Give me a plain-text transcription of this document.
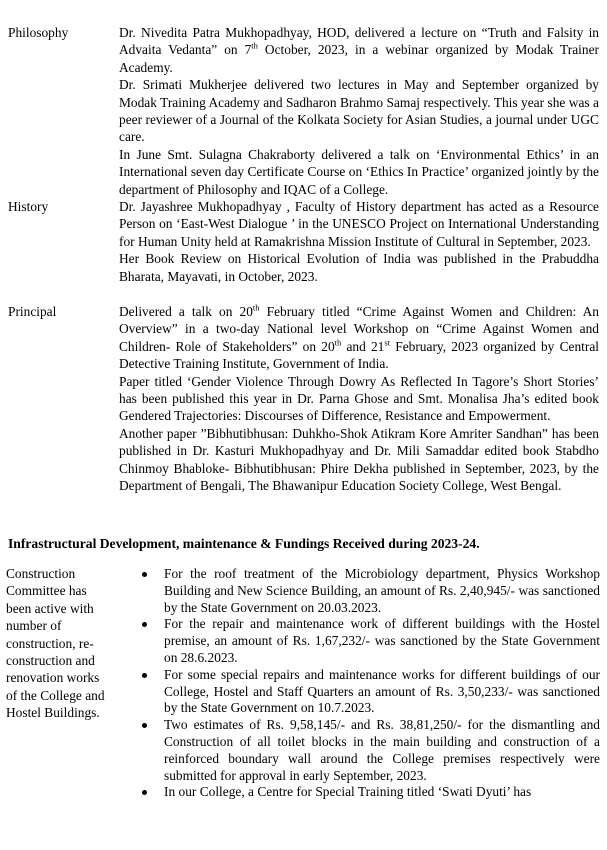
Philosophy	Dr. Nivedita Patra Mukhopadhyay, HOD, delivered a lecture on “Truth and Falsity in Advaita Vedanta” on 7th October, 2023, in a webinar organized by Modak Trainer Academy.

Dr. Srimati Mukherjee delivered two lectures in May and September organized by Modak Training Academy and Sadharon Brahmo Samaj respectively. This year she was a peer reviewer of a Journal of the Kolkata Society for Asian Studies, a journal under UGC care.

In June Smt. Sulagna Chakraborty delivered a talk on ‘Environmental Ethics’ in an International seven day Certificate Course on ‘Ethics In Practice’ organized jointly by the department of Philosophy and IQAC of a College.

History	Dr. Jayashree Mukhopadhyay , Faculty of History department has acted as a Resource Person on ‘East-West Dialogue ’ in the UNESCO Project on International Understanding for Human Unity held at Ramakrishna Mission Institute of Cultural in September, 2023.

Her Book Review on Historical Evolution of India was published in the Prabuddha Bharata, Mayavati, in October, 2023.

Principal	Delivered a talk on 20th February titled “Crime Against Women and Children: An Overview” in a two-day National level Workshop on “Crime Against Women and Children- Role of Stakeholders” on 20th and 21st February, 2023 organized by Central Detective Training Institute, Government of India.

Paper titled ‘Gender Violence Through Dowry As Reflected In Tagore’s Short Stories’ has been published this year in Dr. Parna Ghose and Smt. Monalisa Jha’s edited book Gendered Trajectories: Discourses of Difference, Resistance and Empowerment.

Another paper ”Bibhutibhusan: Duhkho-Shok Atikram Kore Amriter Sandhan” has been published in Dr. Kasturi Mukhopadhyay and Dr. Mili Samaddar edited book Stabdho Chinmoy Bhabloke- Bibhutibhusan: Phire Dekha published in September, 2023, by the Department of Bengali, The Bhawanipur Education Society College, West Bengal.

Infrastructural Development, maintenance & Fundings Received during 2023-24.
Construction Committee has been active with number of construction, re-construction and renovation works of the College and Hostel Buildings.
For the roof treatment of the Microbiology department, Physics Workshop Building and New Science Building, an amount of Rs. 2,40,945/- was sanctioned by the State Government on 20.03.2023.
For the repair and maintenance work of different buildings with the Hostel premise, an amount of Rs. 1,67,232/- was sanctioned by the State Government on 28.6.2023.
For some special repairs and maintenance works for different buildings of our College, Hostel and Staff Quarters an amount of Rs. 3,50,233/- was sanctioned by the State Government on 10.7.2023.
Two estimates of Rs. 9,58,145/- and Rs. 38,81,250/- for the dismantling and Construction of all toilet blocks in the main building and construction of a reinforced boundary wall around the College premises respectively were submitted for approval in early September, 2023.
In our College, a Centre for Special Training titled ‘Swati Dyuti’ has
